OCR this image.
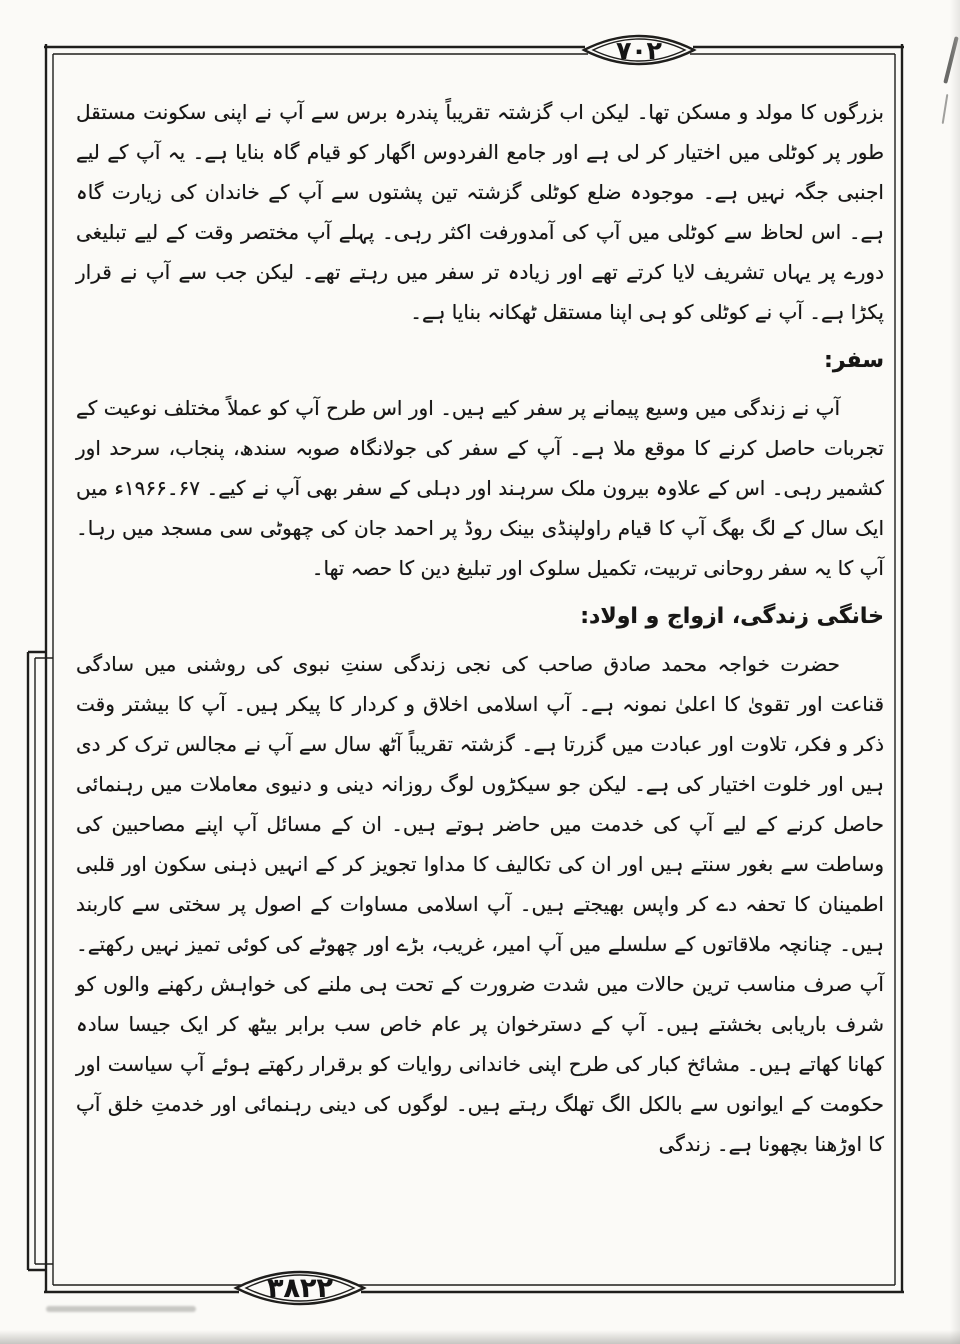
۷۰۲
۳۸۲۲

بزرگوں کا مولد و مسکن تھا۔ لیکن اب گزشتہ تقریباً پندرہ برس سے آپ نے اپنی سکونت مستقل طور پر کوٹلی میں اختیار کر لی ہے اور جامع الفردوس اگھار کو قیام گاہ بنایا ہے۔ یہ آپ کے لیے اجنبی جگہ نہیں ہے۔ موجودہ ضلع کوٹلی گزشتہ تین پشتوں سے آپ کے خاندان کی زیارت گاہ ہے۔ اس لحاظ سے کوٹلی میں آپ کی آمدورفت اکثر رہی۔ پہلے آپ مختصر وقت کے لیے تبلیغی دورے پر یہاں تشریف لایا کرتے تھے اور زیادہ تر سفر میں رہتے تھے۔ لیکن جب سے آپ نے قرار پکڑا ہے۔ آپ نے کوٹلی کو ہی اپنا مستقل ٹھکانہ بنایا ہے۔

سفر:

آپ نے زندگی میں وسیع پیمانے پر سفر کیے ہیں۔ اور اس طرح آپ کو عملاً مختلف نوعیت کے تجربات حاصل کرنے کا موقع ملا ہے۔ آپ کے سفر کی جولانگاہ صوبہ سندھ، پنجاب، سرحد اور کشمیر رہی۔ اس کے علاوہ بیرون ملک سرہند اور دہلی کے سفر بھی آپ نے کیے۔ ۶۷۔۱۹۶۶ء میں ایک سال کے لگ بھگ آپ کا قیام راولپنڈی بینک روڈ پر احمد جان کی چھوٹی سی مسجد میں رہا۔ آپ کا یہ سفر روحانی تربیت، تکمیل سلوک اور تبلیغ دین کا حصہ تھا۔

خانگی زندگی، ازواج و اولاد:

حضرت خواجہ محمد صادق صاحب کی نجی زندگی سنتِ نبوی کی روشنی میں سادگی قناعت اور تقویٰ کا اعلیٰ نمونہ ہے۔ آپ اسلامی اخلاق و کردار کا پیکر ہیں۔ آپ کا بیشتر وقت ذکر و فکر، تلاوت اور عبادت میں گزرتا ہے۔ گزشتہ تقریباً آٹھ سال سے آپ نے مجالس ترک کر دی ہیں اور خلوت اختیار کی ہے۔ لیکن جو سیکڑوں لوگ روزانہ دینی و دنیوی معاملات میں رہنمائی حاصل کرنے کے لیے آپ کی خدمت میں حاضر ہوتے ہیں۔ ان کے مسائل آپ اپنے مصاحبین کی وساطت سے بغور سنتے ہیں اور ان کی تکالیف کا مداوا تجویز کر کے انہیں ذہنی سکون اور قلبی اطمینان کا تحفہ دے کر واپس بھیجتے ہیں۔ آپ اسلامی مساوات کے اصول پر سختی سے کاربند ہیں۔ چنانچہ ملاقاتوں کے سلسلے میں آپ امیر، غریب، بڑے اور چھوٹے کی کوئی تمیز نہیں رکھتے۔ آپ صرف مناسب ترین حالات میں شدت ضرورت کے تحت ہی ملنے کی خواہش رکھنے والوں کو شرف باریابی بخشتے ہیں۔ آپ کے دسترخوان پر عام خاص سب برابر بیٹھ کر ایک جیسا سادہ کھانا کھاتے ہیں۔ مشائخ کبار کی طرح اپنی خاندانی روایات کو برقرار رکھتے ہوئے آپ سیاست اور حکومت کے ایوانوں سے بالکل الگ تھلگ رہتے ہیں۔ لوگوں کی دینی رہنمائی اور خدمتِ خلق آپ کا اوڑھنا بچھونا ہے۔ زندگی
